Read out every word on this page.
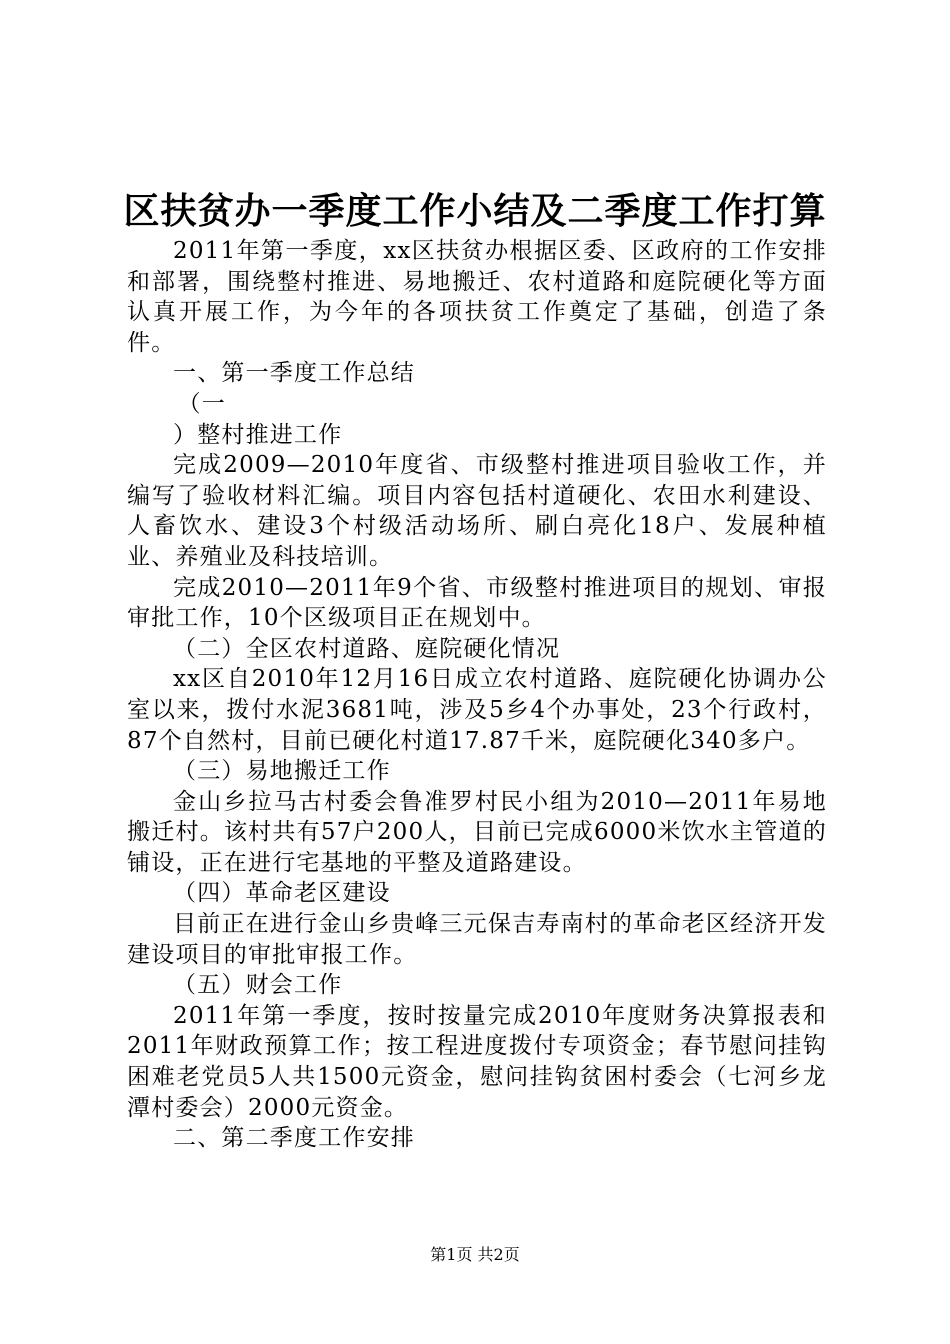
区扶贫办一季度工作小结及二季度工作打算

2011年第一季度，xx区扶贫办根据区委、区政府的工作安排和部署，围绕整村推进、易地搬迁、农村道路和庭院硬化等方面认真开展工作，为今年的各项扶贫工作奠定了基础，创造了条件。

一、第一季度工作总结

（一

）整村推进工作

完成2009—2010年度省、市级整村推进项目验收工作，并编写了验收材料汇编。项目内容包括村道硬化、农田水利建设、人畜饮水、建设3个村级活动场所、刷白亮化18户、发展种植业、养殖业及科技培训。

完成2010—2011年9个省、市级整村推进项目的规划、审报审批工作，10个区级项目正在规划中。

（二）全区农村道路、庭院硬化情况

xx区自2010年12月16日成立农村道路、庭院硬化协调办公室以来，拨付水泥3681吨，涉及5乡4个办事处，23个行政村，87个自然村，目前已硬化村道17.87千米，庭院硬化340多户。

（三）易地搬迁工作

金山乡拉马古村委会鲁准罗村民小组为2010—2011年易地搬迁村。该村共有57户200人，目前已完成6000米饮水主管道的铺设，正在进行宅基地的平整及道路建设。

（四）革命老区建设

目前正在进行金山乡贵峰三元保吉寿南村的革命老区经济开发建设项目的审批审报工作。

（五）财会工作

2011年第一季度，按时按量完成2010年度财务决算报表和2011年财政预算工作；按工程进度拨付专项资金；春节慰问挂钩困难老党员5人共1500元资金，慰问挂钩贫困村委会（七河乡龙潭村委会）2000元资金。

二、第二季度工作安排

第1页 共2页
